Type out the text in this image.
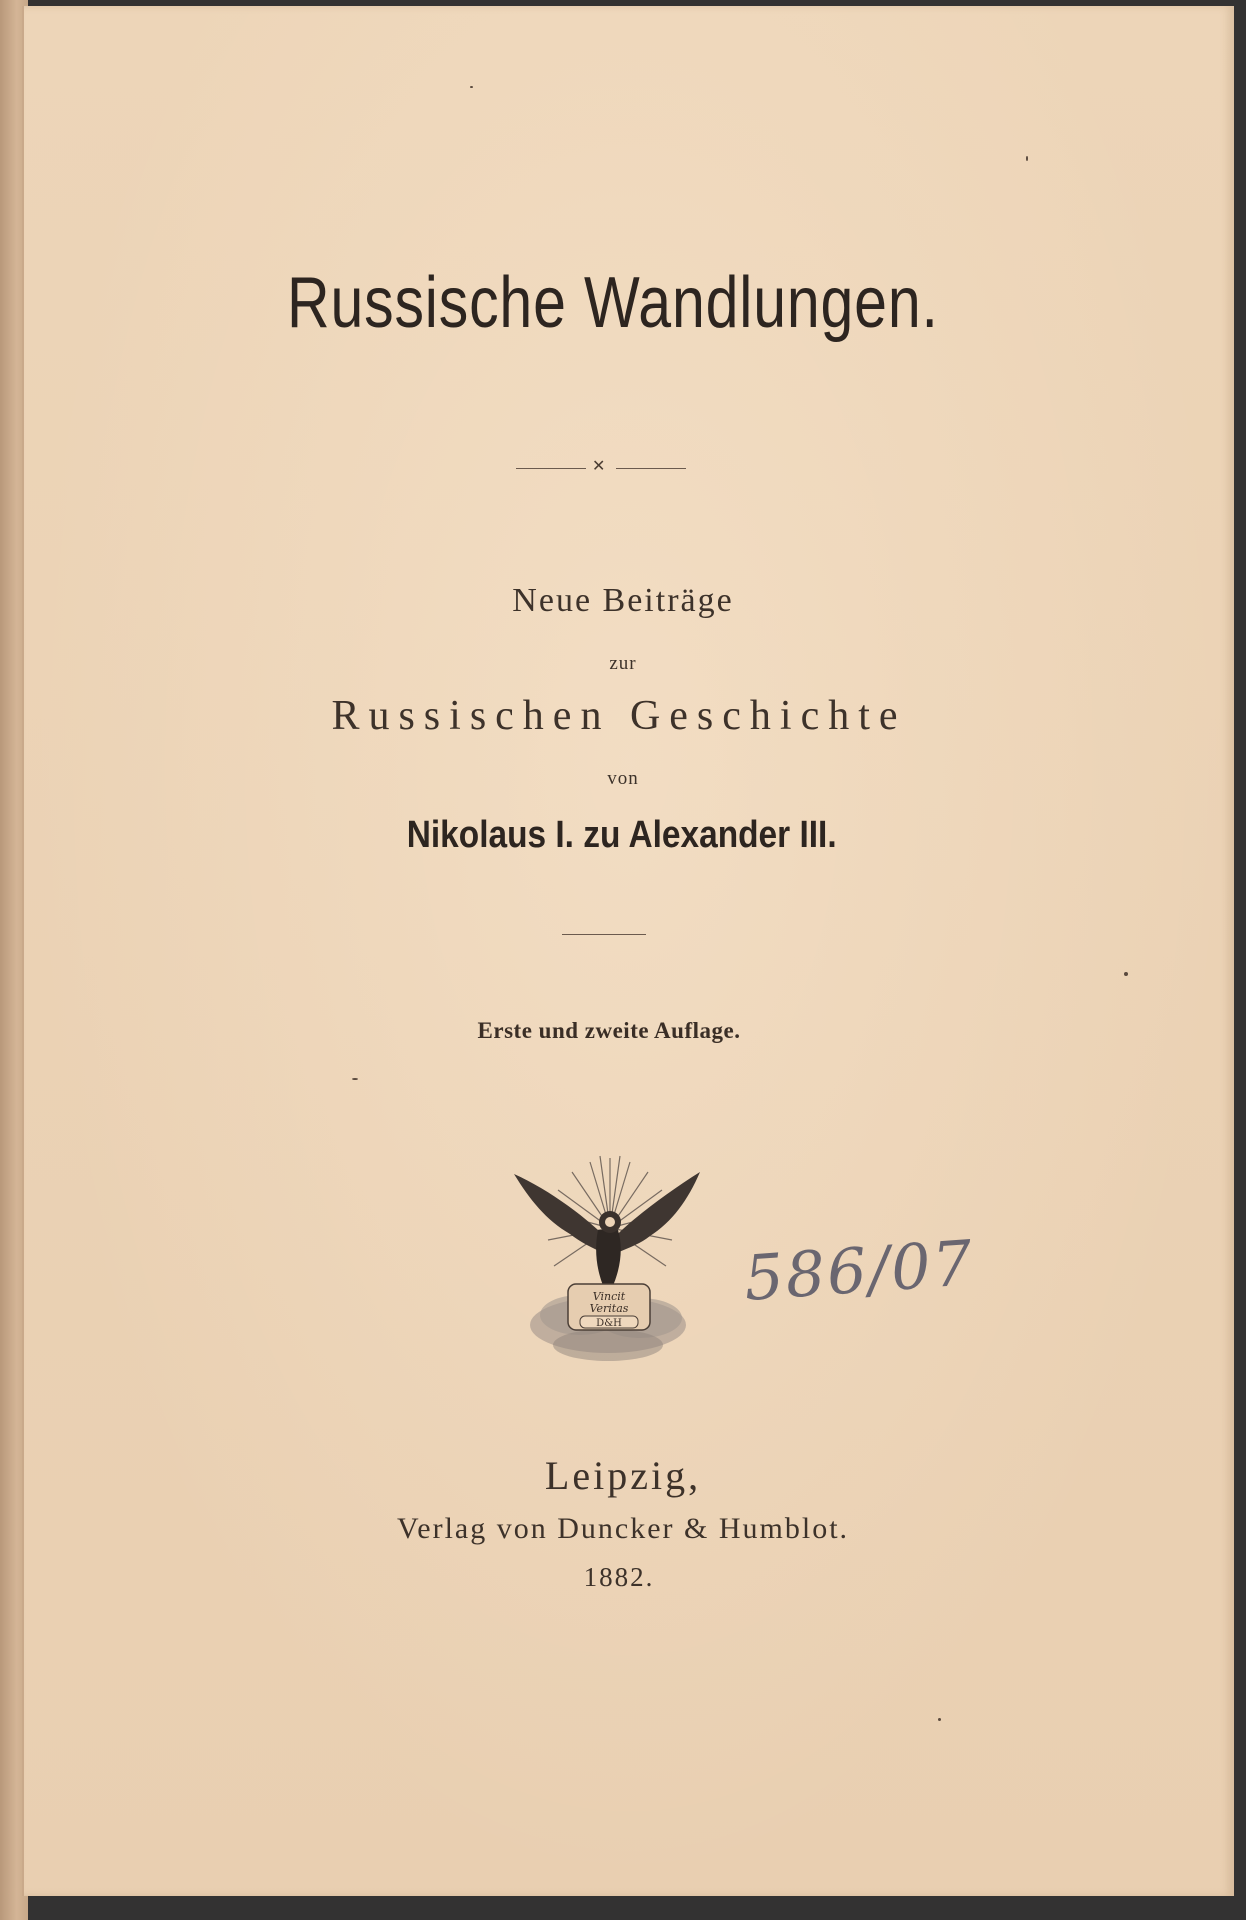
Russische Wandlungen.
✕
Neue Beiträge
zur
Russischen Geschichte
von
Nikolaus I. zu Alexander III.
Erste und zweite Auflage.
Vincit
Veritas
D&H
586/07
Leipzig,
Verlag von Duncker & Humblot.
1882.
